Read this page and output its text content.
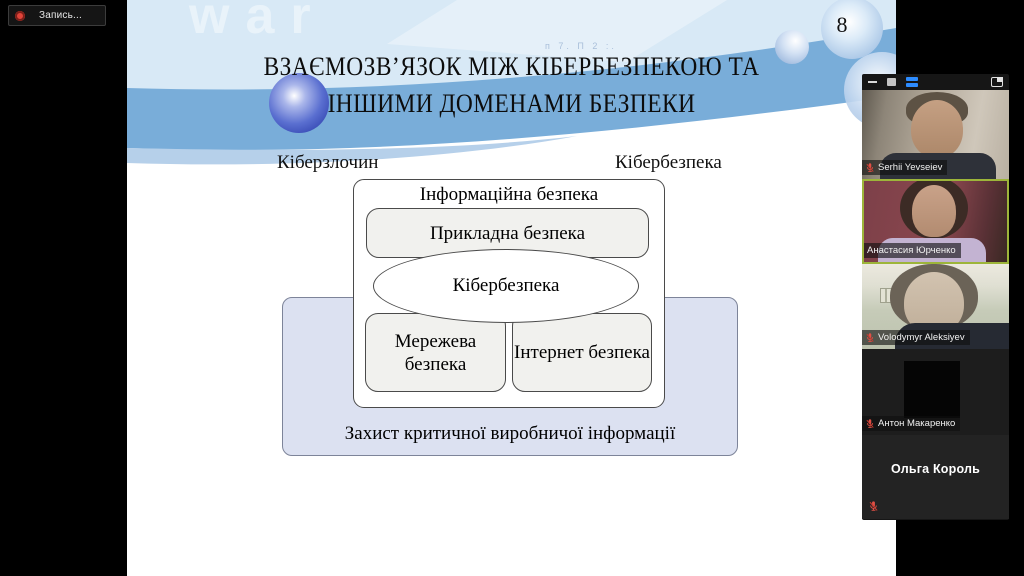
Запись... war
п 7. П 2 :.
8
ВЗАЄМОЗВ’ЯЗОК МІЖ КІБЕРБЕЗПЕКОЮ ТА
ІНШИМИ ДОМЕНАМИ БЕЗПЕКИ
Кіберзлочин	Кібербезпека
Захист критичної виробничої інформації
Інформаційна безпека
Прикладна безпека
Мережева безпека
Інтернет безпека
Кібербезпека
Serhii Yevseiev
Анастасия Юрченко
Volodymyr Aleksiyev
Антон Макаренко
Ольга Король
